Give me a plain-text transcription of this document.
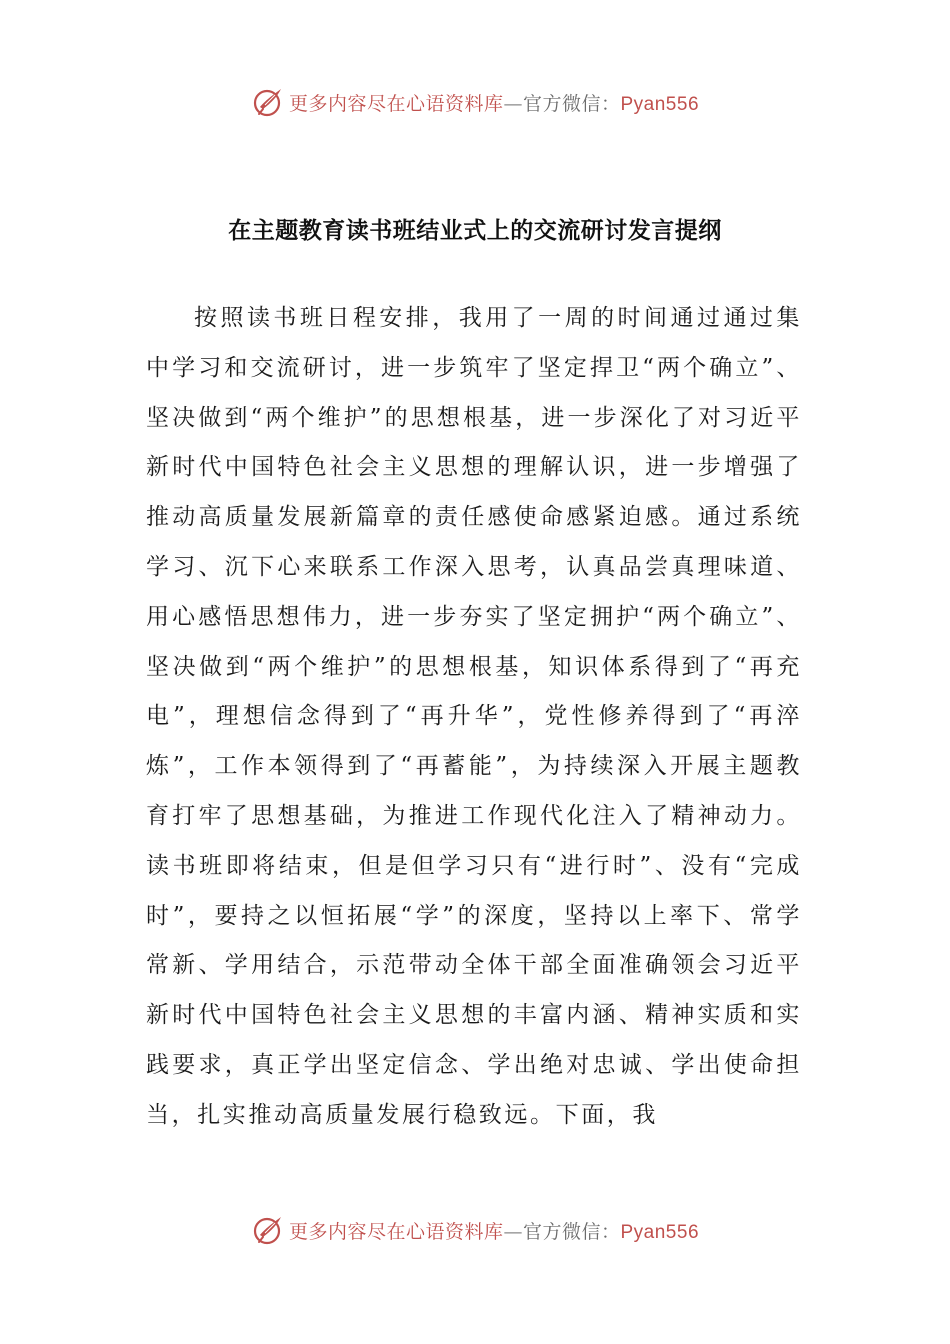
更多内容尽在心语资料库—官方微信：Pyan556
在主题教育读书班结业式上的交流研讨发言提纲

按照读书班日程安排，我用了一周的时间通过通过集中学习和交流研讨，进一步筑牢了坚定捍卫“两个确立”、坚决做到“两个维护”的思想根基，进一步深化了对习近平新时代中国特色社会主义思想的理解认识，进一步增强了推动高质量发展新篇章的责任感使命感紧迫感。通过系统学习、沉下心来联系工作深入思考，认真品尝真理味道、用心感悟思想伟力，进一步夯实了坚定拥护“两个确立”、坚决做到“两个维护”的思想根基，知识体系得到了“再充电”，理想信念得到了“再升华”，党性修养得到了“再淬炼”，工作本领得到了“再蓄能”，为持续深入开展主题教育打牢了思想基础，为推进工作现代化注入了精神动力。读书班即将结束，但是但学习只有“进行时”、没有“完成时”，要持之以恒拓展“学”的深度，坚持以上率下、常学常新、学用结合，示范带动全体干部全面准确领会习近平新时代中国特色社会主义思想的丰富内涵、精神实质和实践要求，真正学出坚定信念、学出绝对忠诚、学出使命担当，扎实推动高质量发展行稳致远。下面，我

更多内容尽在心语资料库—官方微信：Pyan556
